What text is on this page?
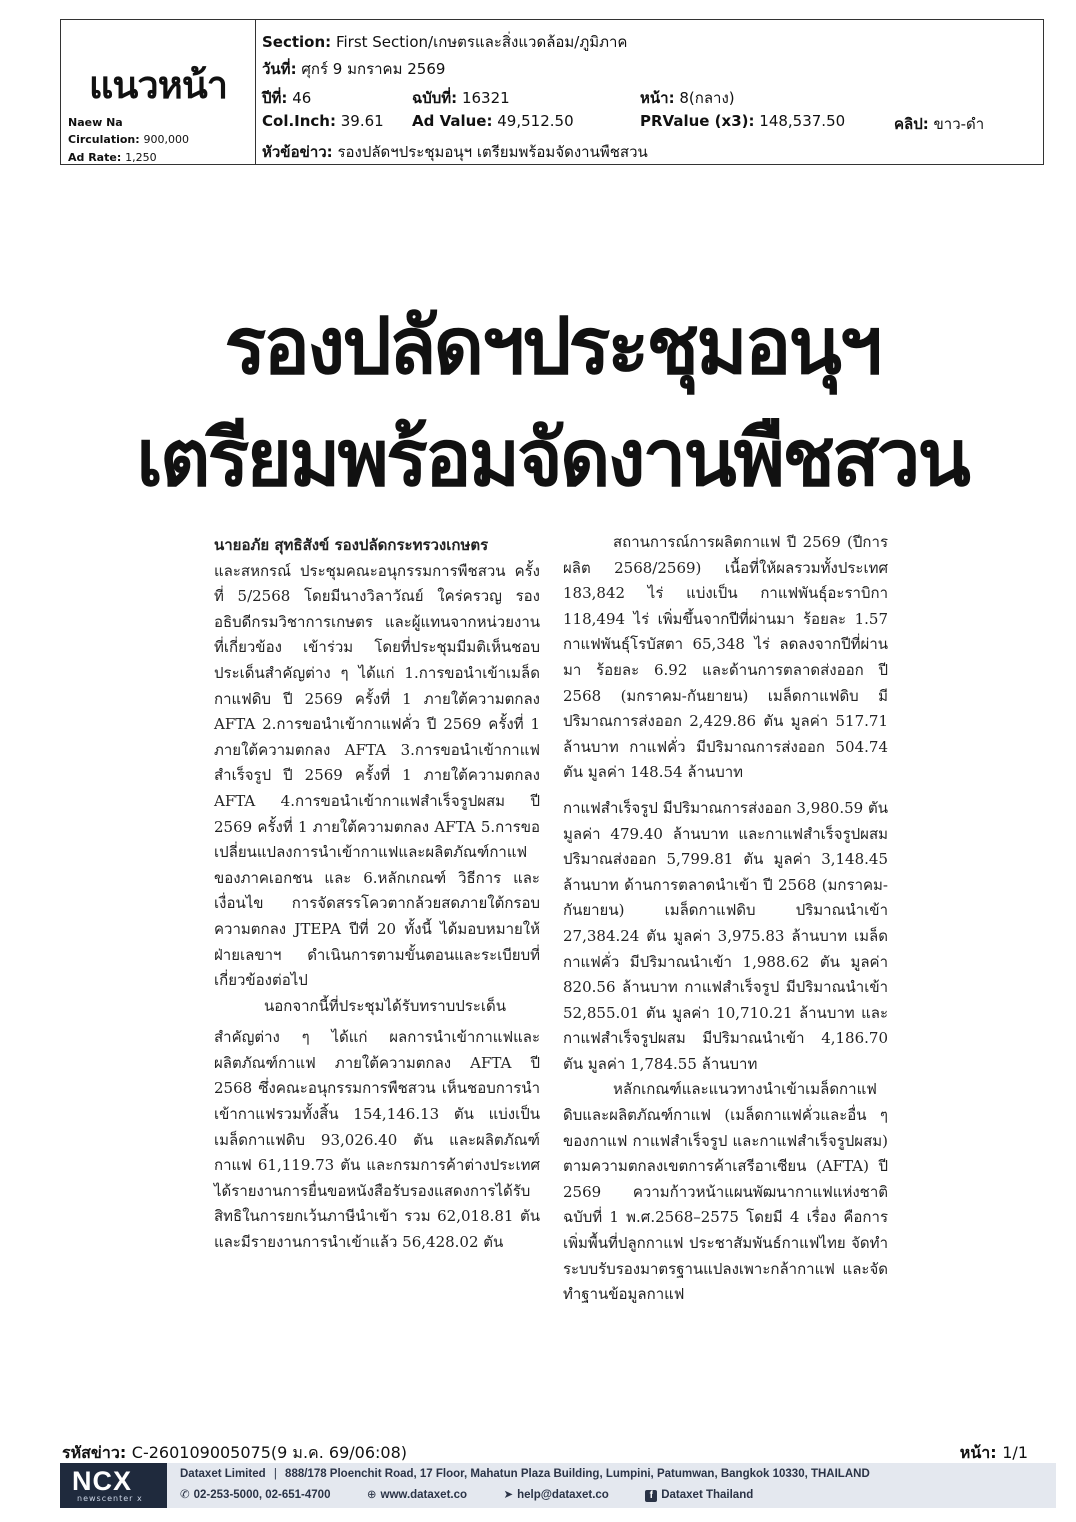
แนวหน้า
Naew Na
Circulation: 900,000
Ad Rate: 1,250
Section: First Section/เกษตรและสิ่งแวดล้อม/ภูมิภาค
วันที่: ศุกร์ 9 มกราคม 2569
ปีที่: 46	ฉบับที่: 16321	หน้า: 8(กลาง)
Col.Inch: 39.61 Ad Value: 49,512.50	PRValue (x3): 148,537.50	คลิป: ขาว-ดำ
หัวข้อข่าว: รองปลัดฯประชุมอนุฯ เตรียมพร้อมจัดงานพืชสวน
รองปลัดฯประชุมอนุฯ
เตรียมพร้อมจัดงานพืชสวน

นายอภัย สุทธิสังข์ รองปลัดกระทรวงเกษตร

และสหกรณ์ ประชุมคณะอนุกรรมการพืชสวน ครั้งที่ 5/2568 โดยมีนางวิลาวัณย์ ใคร่ครวญ รองอธิบดีกรมวิชาการเกษตร และผู้แทนจากหน่วยงานที่เกี่ยวข้อง เข้าร่วม โดยที่ประชุมมีมติเห็นชอบประเด็นสำคัญต่าง ๆ ได้แก่ 1.การขอนำเข้าเมล็ดกาแฟดิบ ปี 2569 ครั้งที่ 1 ภายใต้ความตกลง AFTA 2.การขอนำเข้ากาแฟคั่ว ปี 2569 ครั้งที่ 1 ภายใต้ความตกลง AFTA 3.การขอนำเข้ากาแฟสำเร็จรูป ปี 2569 ครั้งที่ 1 ภายใต้ความตกลง AFTA 4.การขอนำเข้ากาแฟสำเร็จรูปผสม ปี 2569 ครั้งที่ 1 ภายใต้ความตกลง AFTA 5.การขอเปลี่ยนแปลงการนำเข้ากาแฟและผลิตภัณฑ์กาแฟของภาคเอกชน และ 6.หลักเกณฑ์ วิธีการ และเงื่อนไข การจัดสรรโควตากล้วยสดภายใต้กรอบความตกลง JTEPA ปีที่ 20 ทั้งนี้ ได้มอบหมายให้ฝ่ายเลขาฯ ดำเนินการตามขั้นตอนและระเบียบที่เกี่ยวข้องต่อไป

นอกจากนี้ที่ประชุมได้รับทราบประเด็น

สำคัญต่าง ๆ ได้แก่ ผลการนำเข้ากาแฟและผลิตภัณฑ์กาแฟ ภายใต้ความตกลง AFTA ปี 2568 ซึ่งคณะอนุกรรมการพืชสวน เห็นชอบการนำเข้ากาแฟรวมทั้งสิ้น 154,146.13 ตัน แบ่งเป็นเมล็ดกาแฟดิบ 93,026.40 ตัน และผลิตภัณฑ์กาแฟ 61,119.73 ตัน และกรมการค้าต่างประเทศได้รายงานการยื่นขอหนังสือรับรองแสดงการได้รับสิทธิในการยกเว้นภาษีนำเข้า รวม 62,018.81 ตัน และมีรายงานการนำเข้าแล้ว 56,428.02 ตัน

สถานการณ์การผลิตกาแฟ ปี 2569 (ปีการผลิต 2568/2569) เนื้อที่ให้ผลรวมทั้งประเทศ 183,842 ไร่ แบ่งเป็น กาแฟพันธุ์อะราบิกา 118,494 ไร่ เพิ่มขึ้นจากปีที่ผ่านมา ร้อยละ 1.57 กาแฟพันธุ์โรบัสตา 65,348 ไร่ ลดลงจากปีที่ผ่านมา ร้อยละ 6.92 และด้านการตลาดส่งออก ปี 2568 (มกราคม-กันยายน) เมล็ดกาแฟดิบ มีปริมาณการส่งออก 2,429.86 ตัน มูลค่า 517.71 ล้านบาท กาแฟคั่ว มีปริมาณการส่งออก 504.74 ตัน มูลค่า 148.54 ล้านบาท

กาแฟสำเร็จรูป มีปริมาณการส่งออก 3,980.59 ตัน มูลค่า 479.40 ล้านบาท และกาแฟสำเร็จรูปผสม ปริมาณส่งออก 5,799.81 ตัน มูลค่า 3,148.45 ล้านบาท ด้านการตลาดนำเข้า ปี 2568 (มกราคม-กันยายน) เมล็ดกาแฟดิบ ปริมาณนำเข้า 27,384.24 ตัน มูลค่า 3,975.83 ล้านบาท เมล็ดกาแฟคั่ว มีปริมาณนำเข้า 1,988.62 ตัน มูลค่า 820.56 ล้านบาท กาแฟสำเร็จรูป มีปริมาณนำเข้า 52,855.01 ตัน มูลค่า 10,710.21 ล้านบาท และกาแฟสำเร็จรูปผสม มีปริมาณนำเข้า 4,186.70 ตัน มูลค่า 1,784.55 ล้านบาท

หลักเกณฑ์และแนวทางนำเข้าเมล็ดกาแฟดิบและผลิตภัณฑ์กาแฟ (เมล็ดกาแฟคั่วและอื่น ๆ ของกาแฟ กาแฟสำเร็จรูป และกาแฟสำเร็จรูปผสม) ตามความตกลงเขตการค้าเสรีอาเซียน (AFTA) ปี 2569 ความก้าวหน้าแผนพัฒนากาแฟแห่งชาติ ฉบับที่ 1 พ.ศ.2568–2575 โดยมี 4 เรื่อง คือการเพิ่มพื้นที่ปลูกกาแฟ ประชาสัมพันธ์กาแฟไทย จัดทำระบบรับรองมาตรฐานแปลงเพาะกล้ากาแฟ และจัดทำฐานข้อมูลกาแฟ

รหัสข่าว: C-260109005075(9 ม.ค. 69/06:08)	หน้า: 1/1
NCX
newscenter x
Dataxet Limited | 888/178 Ploenchit Road, 17 Floor, Mahatun Plaza Building, Lumpini, Patumwan, Bangkok 10330, THAILAND
✆ 02-253-5000, 02-651-4700	⊕ www.dataxet.co	➤ help@dataxet.co	f Dataxet Thailand
